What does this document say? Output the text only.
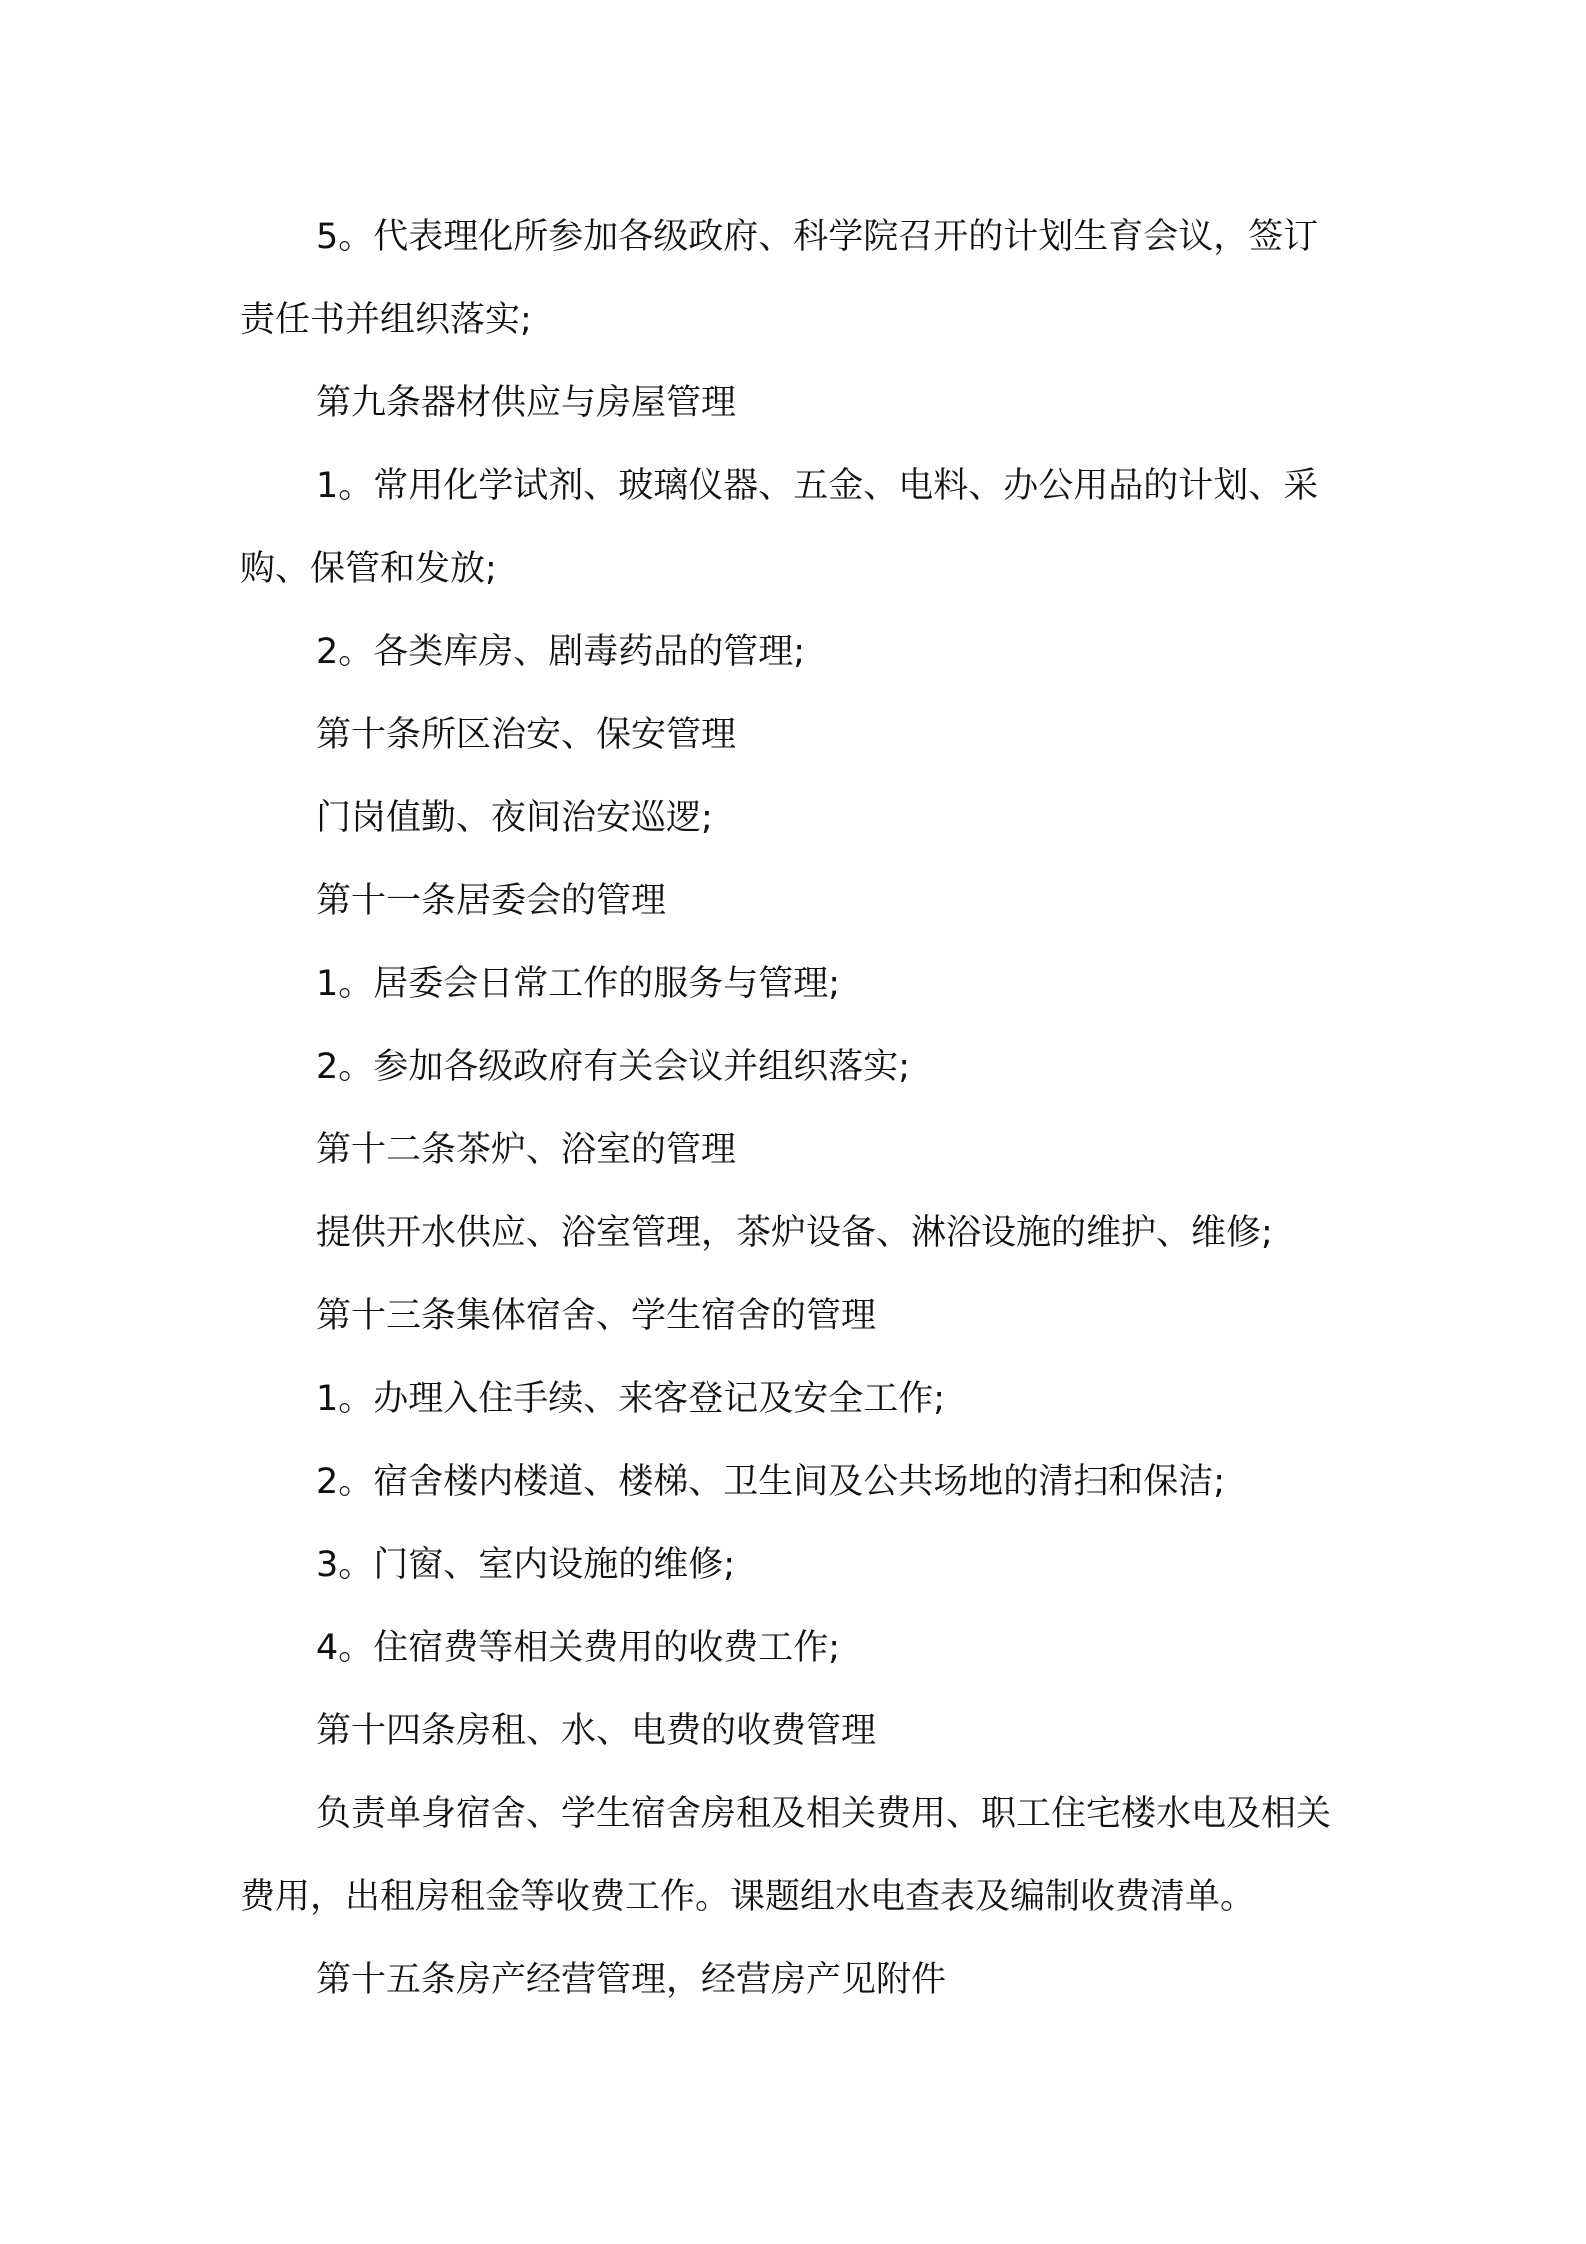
5。代表理化所参加各级政府、科学院召开的计划生育会议，签订责任书并组织落实;

第九条器材供应与房屋管理

1。常用化学试剂、玻璃仪器、五金、电料、办公用品的计划、采购、保管和发放;

2。各类库房、剧毒药品的管理;

第十条所区治安、保安管理

门岗值勤、夜间治安巡逻;

第十一条居委会的管理

1。居委会日常工作的服务与管理;

2。参加各级政府有关会议并组织落实;

第十二条茶炉、浴室的管理

提供开水供应、浴室管理，茶炉设备、淋浴设施的维护、维修;

第十三条集体宿舍、学生宿舍的管理

1。办理入住手续、来客登记及安全工作;

2。宿舍楼内楼道、楼梯、卫生间及公共场地的清扫和保洁;

3。门窗、室内设施的维修;

4。住宿费等相关费用的收费工作;

第十四条房租、水、电费的收费管理

负责单身宿舍、学生宿舍房租及相关费用、职工住宅楼水电及相关费用，出租房租金等收费工作。课题组水电查表及编制收费清单。

第十五条房产经营管理，经营房产见附件
